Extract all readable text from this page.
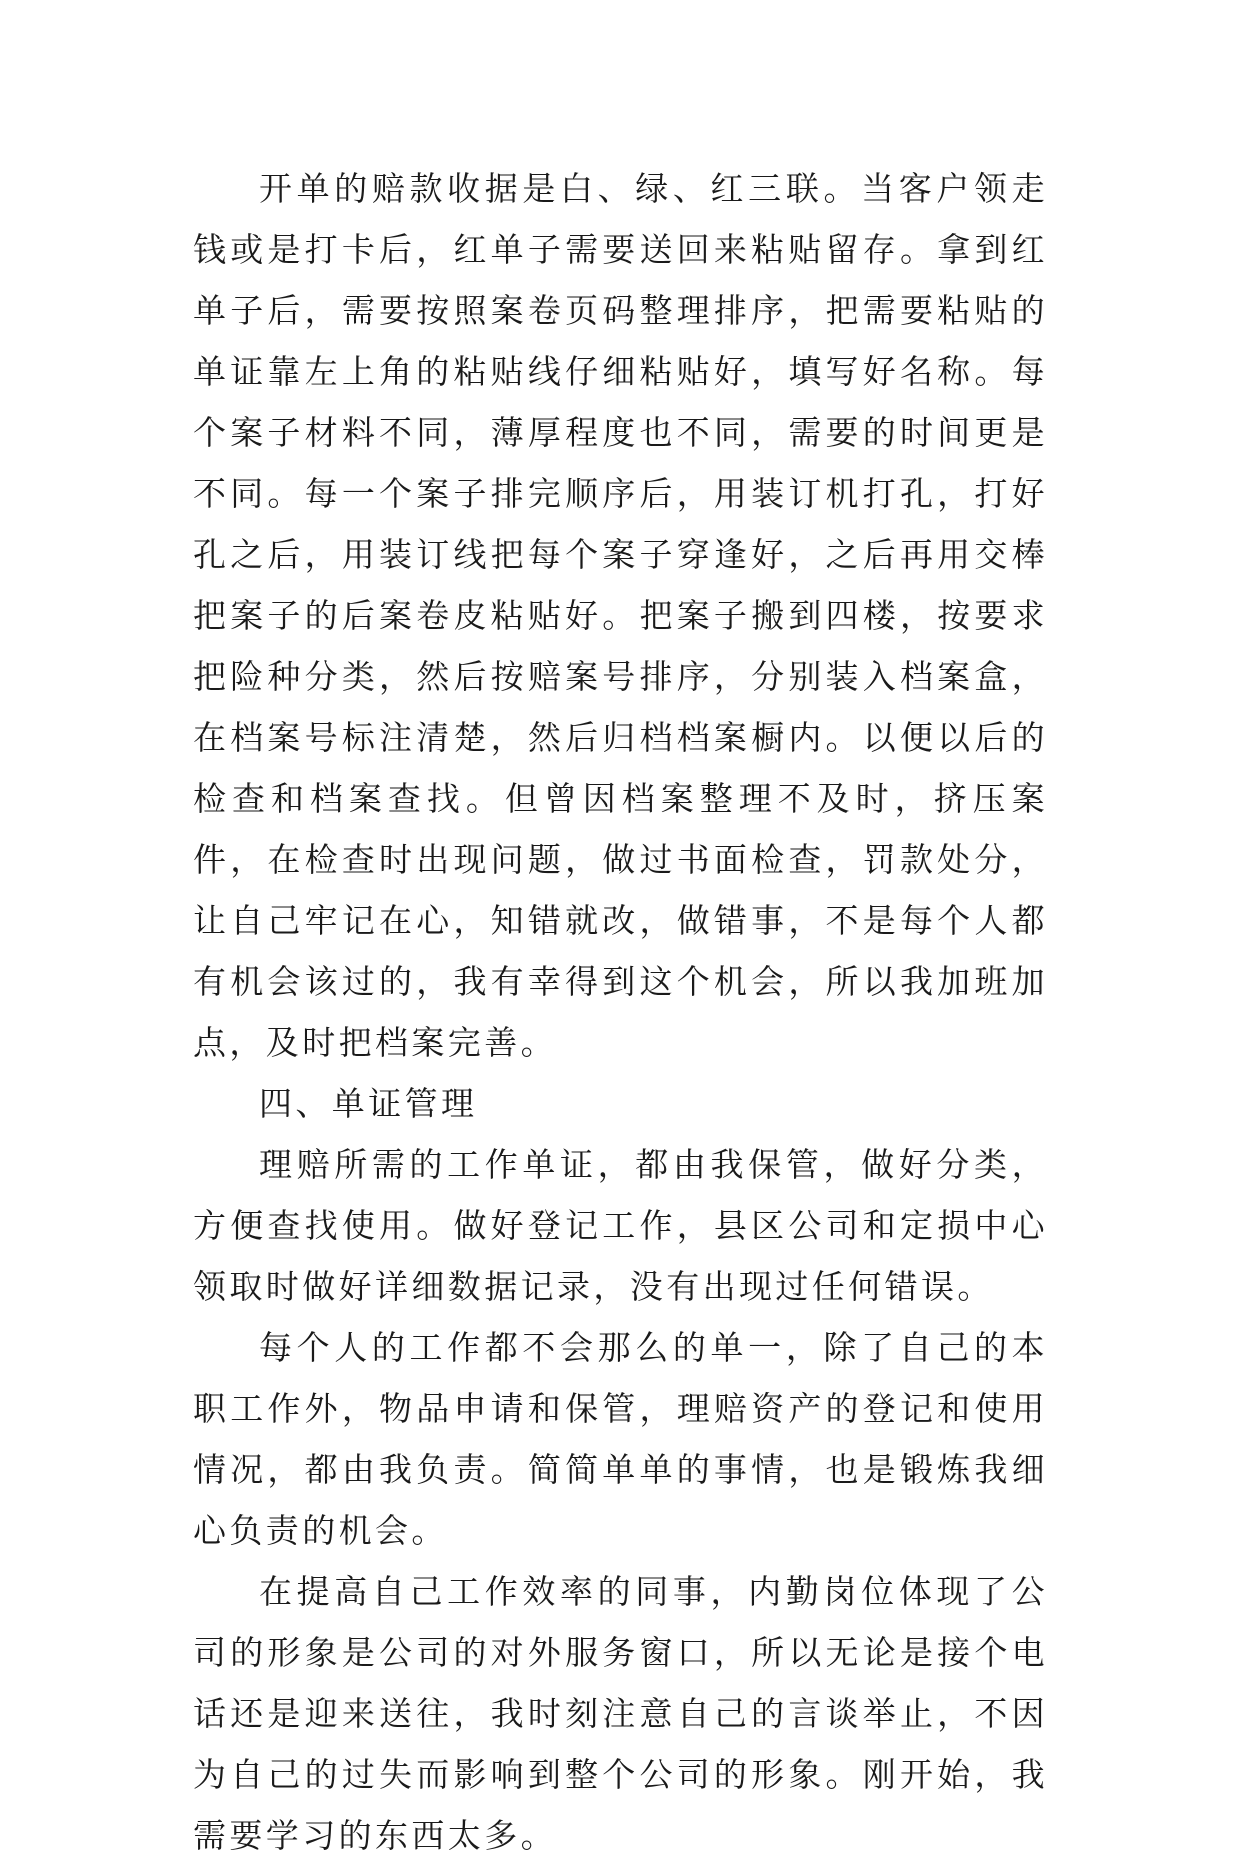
开单的赔款收据是白、绿、红三联。当客户领走钱或是打卡后，红单子需要送回来粘贴留存。拿到红单子后，需要按照案卷页码整理排序，把需要粘贴的单证靠左上角的粘贴线仔细粘贴好，填写好名称。每个案子材料不同，薄厚程度也不同，需要的时间更是不同。每一个案子排完顺序后，用装订机打孔，打好孔之后，用装订线把每个案子穿逢好，之后再用交棒把案子的后案卷皮粘贴好。把案子搬到四楼，按要求把险种分类，然后按赔案号排序，分别装入档案盒，在档案号标注清楚，然后归档档案橱内。以便以后的检查和档案查找。但曾因档案整理不及时，挤压案件，在检查时出现问题，做过书面检查，罚款处分，让自己牢记在心，知错就改，做错事，不是每个人都有机会该过的，我有幸得到这个机会，所以我加班加点，及时把档案完善。

四、单证管理

理赔所需的工作单证，都由我保管，做好分类，方便查找使用。做好登记工作，县区公司和定损中心领取时做好详细数据记录，没有出现过任何错误。

每个人的工作都不会那么的单一，除了自己的本职工作外，物品申请和保管，理赔资产的登记和使用情况，都由我负责。简简单单的事情，也是锻炼我细心负责的机会。

在提高自己工作效率的同事，内勤岗位体现了公司的形象是公司的对外服务窗口，所以无论是接个电话还是迎来送往，我时刻注意自己的言谈举止，不因为自己的过失而影响到整个公司的形象。刚开始，我需要学习的东西太多。
